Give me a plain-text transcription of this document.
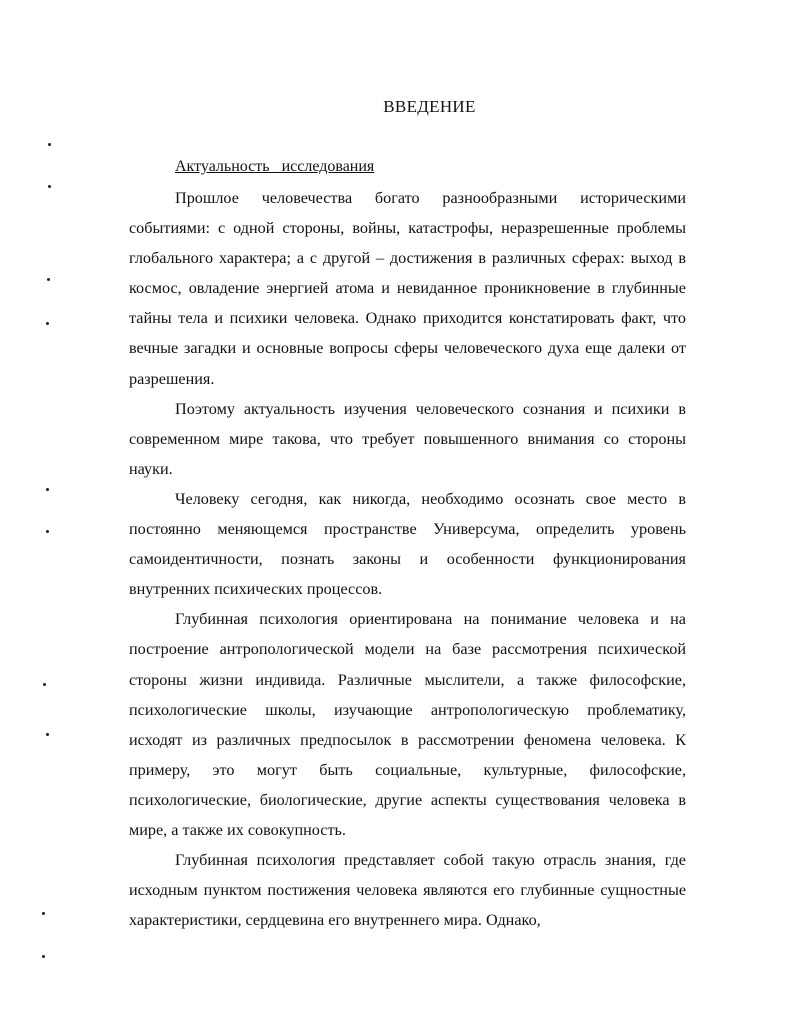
ВВЕДЕНИЕ
Актуальность исследования

Прошлое человечества богато разнообразными историческими событиями: с одной стороны, войны, катастрофы, неразрешенные проблемы глобального характера; а с другой – достижения в различных сферах: выход в космос, овладение энергией атома и невиданное проникновение в глубинные тайны тела и психики человека. Однако приходится констатировать факт, что вечные загадки и основные вопросы сферы человеческого духа еще далеки от разрешения.

Поэтому актуальность изучения человеческого сознания и психики в современном мире такова, что требует повышенного внимания со стороны науки.

Человеку сегодня, как никогда, необходимо осознать свое место в постоянно меняющемся пространстве Универсума, определить уровень самоидентичности, познать законы и особенности функционирования внутренних психических процессов.

Глубинная психология ориентирована на понимание человека и на построение антропологической модели на базе рассмотрения психической стороны жизни индивида. Различные мыслители, а также философские, психологические школы, изучающие антропологическую проблематику, исходят из различных предпосылок в рассмотрении феномена человека. К примеру, это могут быть социальные, культурные, философские, психологические, биологические, другие аспекты существования человека в мире, а также их совокупность.

Глубинная психология представляет собой такую отрасль знания, где исходным пунктом постижения человека являются его глубинные сущностные характеристики, сердцевина его внутреннего мира. Однако,
